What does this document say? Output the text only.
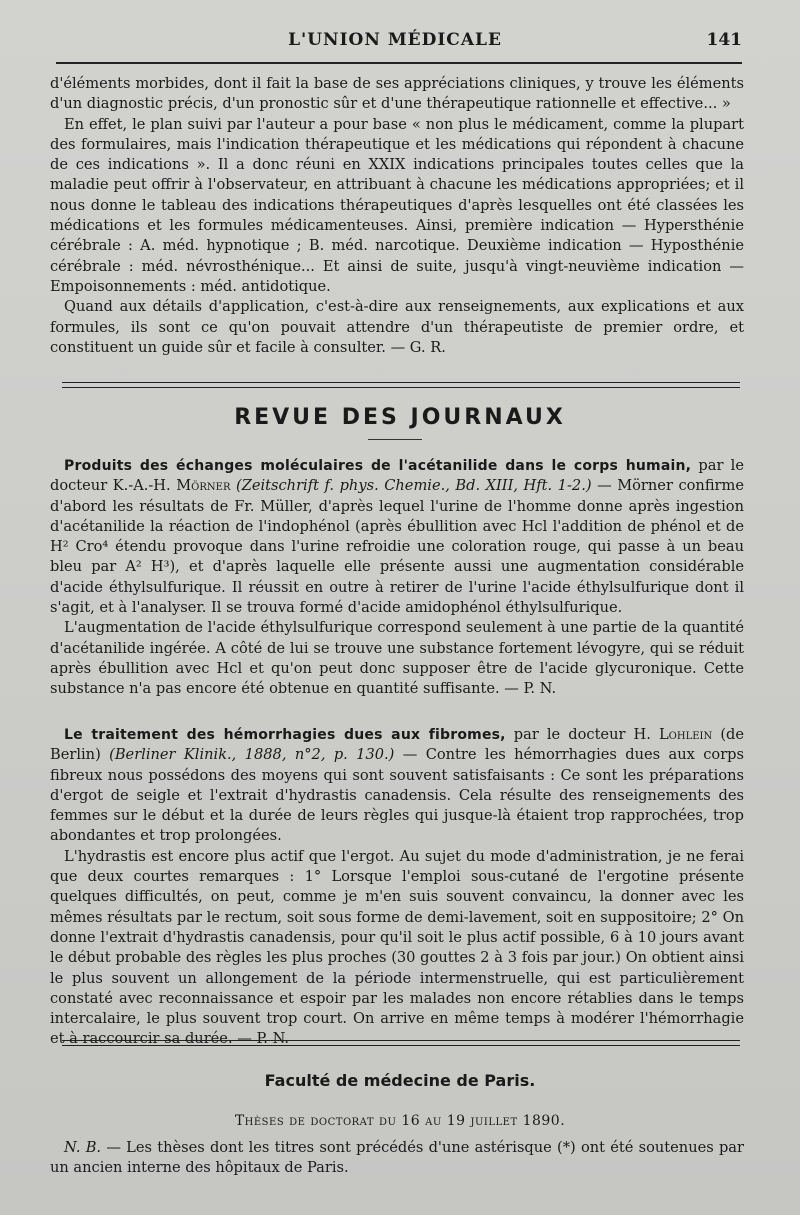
L'UNION MÉDICALE	141

d'éléments morbides, dont il fait la base de ses appréciations cliniques, y trouve les éléments d'un diagnostic précis, d'un pronostic sûr et d'une thérapeutique rationnelle et effective... »

En effet, le plan suivi par l'auteur a pour base « non plus le médicament, comme la plupart des formulaires, mais l'indication thérapeutique et les médications qui répondent à chacune de ces indications ». Il a donc réuni en XXIX indications principales toutes celles que la maladie peut offrir à l'observateur, en attribuant à chacune les médications appropriées; et il nous donne le tableau des indications thérapeutiques d'après lesquelles ont été classées les médications et les formules médicamenteuses. Ainsi, première indication — Hypersthénie cérébrale : A. méd. hypnotique ; B. méd. narcotique. Deuxième indication — Hyposthénie cérébrale : méd. névrosthénique... Et ainsi de suite, jusqu'à vingt-neuvième indication — Empoisonnements : méd. antidotique.

Quand aux détails d'application, c'est-à-dire aux renseignements, aux explications et aux formules, ils sont ce qu'on pouvait attendre d'un thérapeutiste de premier ordre, et constituent un guide sûr et facile à consulter. — G. R.

REVUE DES JOURNAUX

Produits des échanges moléculaires de l'acétanilide dans le corps humain, par le docteur K.-A.-H. Mörner (Zeitschrift f. phys. Chemie., Bd. XIII, Hft. 1-2.) — Mörner confirme d'abord les résultats de Fr. Müller, d'après lequel l'urine de l'homme donne après ingestion d'acétanilide la réaction de l'indophénol (après ébullition avec Hcl l'addition de phénol et de H² Cro⁴ étendu provoque dans l'urine refroidie une coloration rouge, qui passe à un beau bleu par A² H³), et d'après laquelle elle présente aussi une augmentation considérable d'acide éthylsulfurique. Il réussit en outre à retirer de l'urine l'acide éthylsulfurique dont il s'agit, et à l'analyser. Il se trouva formé d'acide amidophénol éthylsulfurique.

L'augmentation de l'acide éthylsulfurique correspond seulement à une partie de la quantité d'acétanilide ingérée. A côté de lui se trouve une substance fortement lévogyre, qui se réduit après ébullition avec Hcl et qu'on peut donc supposer être de l'acide glycuronique. Cette substance n'a pas encore été obtenue en quantité suffisante. — P. N.

Le traitement des hémorrhagies dues aux fibromes, par le docteur H. Lohlein (de Berlin) (Berliner Klinik., 1888, n°2, p. 130.) — Contre les hémorrhagies dues aux corps fibreux nous possédons des moyens qui sont souvent satisfaisants : Ce sont les préparations d'ergot de seigle et l'extrait d'hydrastis canadensis. Cela résulte des renseignements des femmes sur le début et la durée de leurs règles qui jusque-là étaient trop rapprochées, trop abondantes et trop prolongées.

L'hydrastis est encore plus actif que l'ergot. Au sujet du mode d'administration, je ne ferai que deux courtes remarques : 1° Lorsque l'emploi sous-cutané de l'ergotine présente quelques difficultés, on peut, comme je m'en suis souvent convaincu, la donner avec les mêmes résultats par le rectum, soit sous forme de demi-lavement, soit en suppositoire; 2° On donne l'extrait d'hydrastis canadensis, pour qu'il soit le plus actif possible, 6 à 10 jours avant le début probable des règles les plus proches (30 gouttes 2 à 3 fois par jour.) On obtient ainsi le plus souvent un allongement de la période intermenstruelle, qui est particulièrement constaté avec reconnaissance et espoir par les malades non encore rétablies dans le temps intercalaire, le plus souvent trop court. On arrive en même temps à modérer l'hémorrhagie et à raccourcir sa durée. — P. N.

Faculté de médecine de Paris.
Thèses de doctorat du 16 au 19 juillet 1890.

N. B. — Les thèses dont les titres sont précédés d'une astérisque (*) ont été soutenues par un ancien interne des hôpitaux de Paris.
